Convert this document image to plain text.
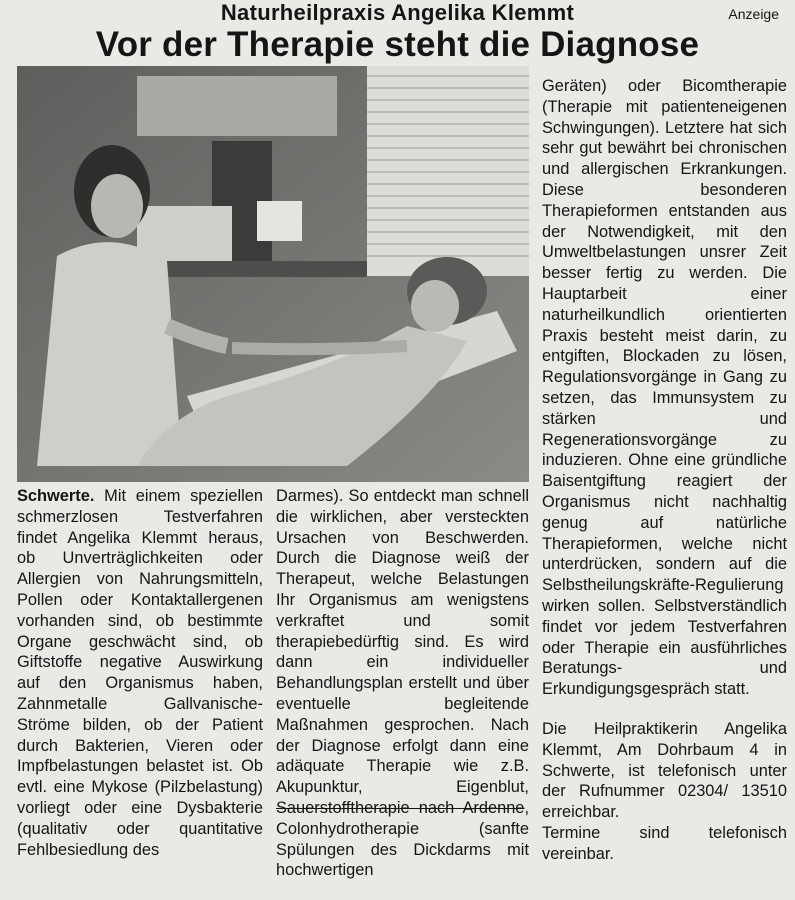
Anzeige
Naturheilpraxis Angelika Klemmt
Vor der Therapie steht die Diagnose

Schwerte. Mit einem speziellen schmerzlosen Testverfahren findet Angelika Klemmt heraus, ob Unverträglichkeiten oder Allergien von Nahrungsmitteln, Pollen oder Kontaktallergenen vorhanden sind, ob bestimmte Organe geschwächt sind, ob Giftstoffe negative Auswirkung auf den Organismus haben, Zahnmetalle Gallvanische-Ströme bilden, ob der Patient durch Bakterien, Vieren oder Impfbelastungen belastet ist. Ob evtl. eine Mykose (Pilzbelastung) vorliegt oder eine Dysbakterie (qualitativ oder quantitative Fehlbesiedlung des

Darmes). So entdeckt man schnell die wirklichen, aber versteckten Ursachen von Beschwerden. Durch die Diagnose weiß der Therapeut, welche Belastungen Ihr Organismus am wenigstens verkraftet und somit therapiebedürftig sind. Es wird dann ein individueller Behandlungsplan erstellt und über eventuelle begleitende Maßnahmen gesprochen. Nach der Diagnose erfolgt dann eine adäquate Therapie wie z.B. Akupunktur, Eigenblut, Sauerstofftherapie nach Ardenne, Colonhydrotherapie (sanfte Spülungen des Dickdarms mit hochwertigen

Geräten) oder Bicomtherapie (Therapie mit patienteneigenen Schwingungen). Letztere hat sich sehr gut bewährt bei chronischen und allergischen Erkrankungen. Diese besonderen Therapieformen entstanden aus der Notwendigkeit, mit den Umweltbelastungen unsrer Zeit besser fertig zu werden. Die Hauptarbeit einer naturheilkundlich orientierten Praxis besteht meist darin, zu entgiften, Blockaden zu lösen, Regulationsvorgänge in Gang zu setzen, das Immunsystem zu stärken und Regenerationsvorgänge zu induzieren. Ohne eine gründliche Baisentgiftung reagiert der Organismus nicht nachhaltig genug auf natürliche Therapieformen, welche nicht unterdrücken, sondern auf die Selbstheilungskräfte-Regulierung wirken sollen. Selbstverständlich findet vor jedem Testverfahren oder Therapie ein ausführliches Beratungs- und Erkundigungsgespräch statt.

Die Heilpraktikerin Angelika Klemmt, Am Dohrbaum 4 in Schwerte, ist telefonisch unter der Rufnummer 02304/ 13510 erreichbar.

Termine sind telefonisch vereinbar.
